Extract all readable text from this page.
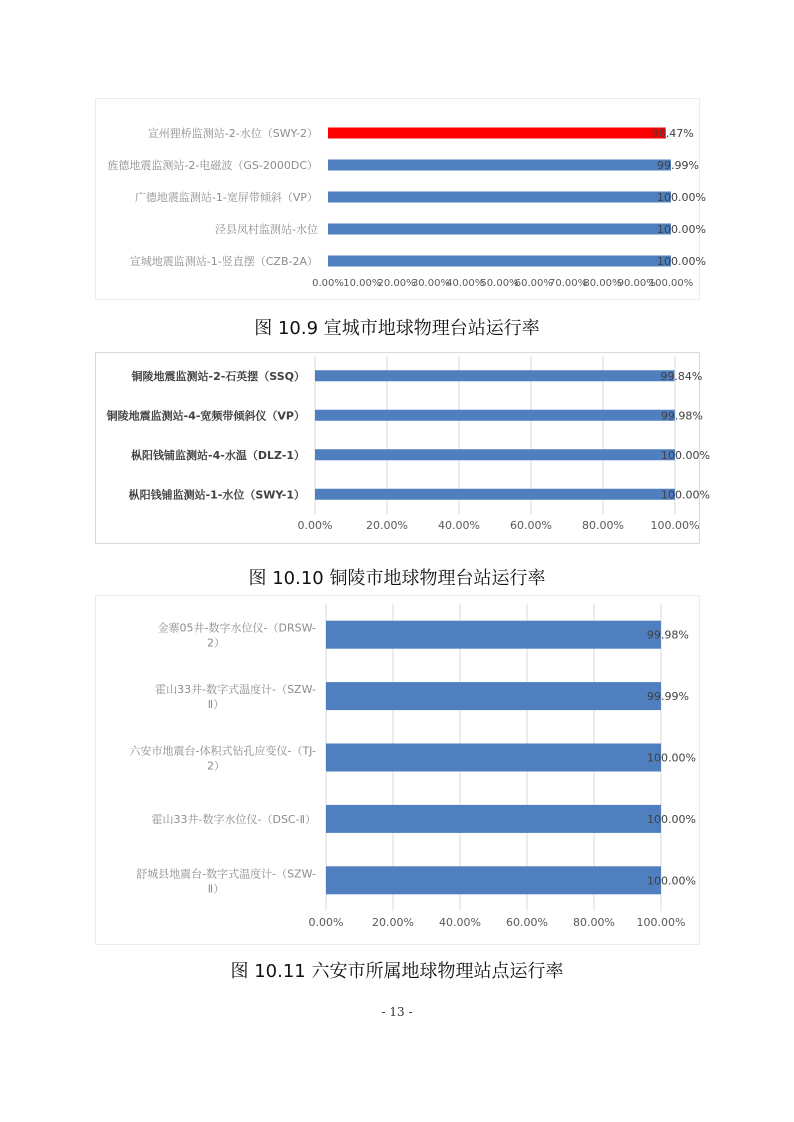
宣州狸桥监测站-2-水位（SWY-2）	98.47%
旌德地震监测站-2-电磁波（GS-2000DC）	99.99%
广德地震监测站-1-宽屏带倾斜（VP）	100.00%
泾县凤村监测站-水位	100.00%
宣城地震监测站-1-竖直摆（CZB-2A）	100.00%
0.00% 10.00%
20.00%
30.00%
40.00%
50.00%
60.00%
70.00%
80.00%
90.00%
100.00%
图 10.9 宣城市地球物理台站运行率
铜陵地震监测站-2-石英摆（SSQ）	99.84%
铜陵地震监测站-4-宽频带倾斜仪（VP）	99.98%
枞阳钱铺监测站-4-水温（DLZ-1）	100.00%
枞阳钱铺监测站-1-水位（SWY-1）	100.00%
0.00%	20.00%	40.00%	60.00%	80.00% 100.00%
图 10.10 铜陵市地球物理台站运行率
金寨05井-数字水位仪-（DRSW-2）
99.98%
霍山33井-数字式温度计-（SZW-Ⅱ）
99.99%
六安市地震台-体积式钻孔应变仪-（TJ-2）
100.00%
霍山33井-数字水位仪-（DSC-Ⅱ）	100.00%
舒城县地震台-数字式温度计-（SZW-Ⅱ）
100.00%
0.00%	20.00% 40.00% 60.00% 80.00% 100.00%
图 10.11 六安市所属地球物理站点运行率
- 13 -
